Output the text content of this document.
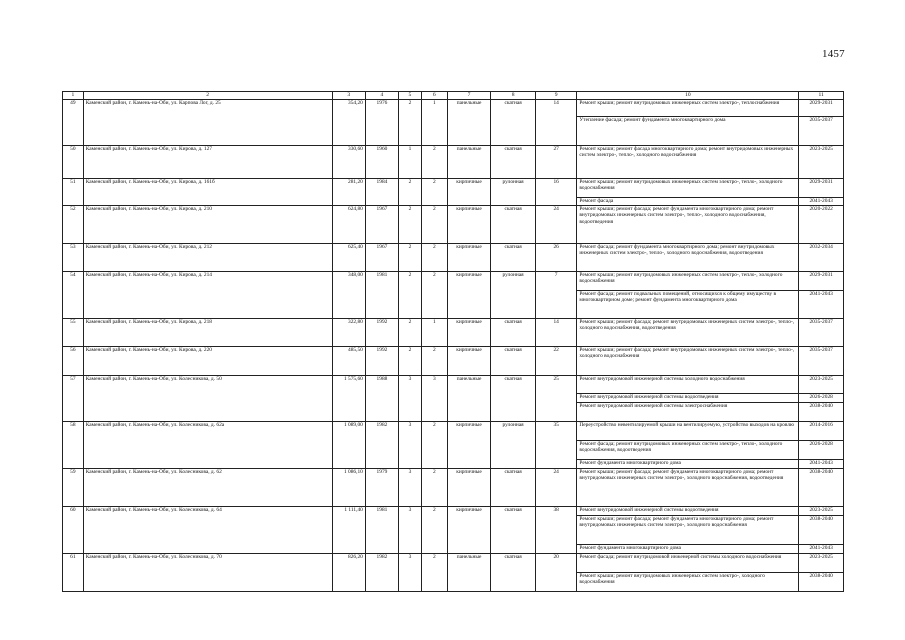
1457
1	2	3	4	5	6	7	8	9	10	11
49	Каменский район, г. Камень-на-Оби, ул. Карпова Лог, д. 25	354,20	1976	2	1	панельные	скатная	14	Ремонт крыши; ремонт внутридомовых инженерных систем электро-, теплоснабжения	2029-2031
									Утепление фасада; ремонт фундамента многоквартирного дома	2035-2037
50	Каменский район, г. Камень-на-Оби, ул. Кирова, д. 127	330,60	1960	1	2	панельные	скатная	27	Ремонт крыши; ремонт фасада многоквартирного дома; ремонт внутридомовых инженерных систем электро-, тепло-, холодного водоснабжения	2023-2025
51	Каменский район, г. Камень-на-Оби, ул. Кирова, д. 161б	281,20	1984	2	2	кирпичные	рулонная	16	Ремонт крыши; ремонт внутридомовых инженерных систем электро-, тепло-, холодного водоснабжения	2029-2031
									Ремонт фасада	2041-2043
52	Каменский район, г. Камень-на-Оби, ул. Кирова, д. 210	624,80	1967	2	2	кирпичные	скатная	24	Ремонт крыши; ремонт фасада; ремонт фундамента многоквартирного дома; ремонт внутридомовых инженерных систем электро-, тепло-, холодного водоснабжения, водоотведения	2020-2022
53	Каменский район, г. Камень-на-Оби, ул. Кирова, д. 212	625,40	1967	2	2	кирпичные	скатная	26	Ремонт фасада; ремонт фундамента многоквартирного дома; ремонт внутридомовых инженерных систем электро-, тепло-, холодного водоснабжения, водоотведения	2032-2034
54	Каменский район, г. Камень-на-Оби, ул. Кирова, д. 214	348,00	1981	2	2	кирпичные	рулонная	7	Ремонт крыши; ремонт внутридомовых инженерных систем электро-, тепло-, холодного водоснабжения	2029-2031
									Ремонт фасада; ремонт подвальных помещений, относящихся к общему имуществу в многоквартирном доме; ремонт фундамента многоквартирного дома	2041-2043
55	Каменский район, г. Камень-на-Оби, ул. Кирова, д. 218	322,80	1992	2	1	кирпичные	скатная	14	Ремонт крыши; ремонт фасада; ремонт внутридомовых инженерных систем электро-, тепло-, холодного водоснабжения, водоотведения	2035-2037
56	Каменский район, г. Камень-на-Оби, ул. Кирова, д. 220	485,50	1992	2	2	кирпичные	скатная	22	Ремонт крыши; ремонт фасада; ремонт внутридомовых инженерных систем электро-, тепло-, холодного водоснабжения	2035-2037
57	Каменский район, г. Камень-на-Оби, ул. Колесникова, д. 50	1 575,60	1988	3	3	панельные	скатная	25	Ремонт внутридомовой инженерной системы холодного водоснабжения	2023-2025
									Ремонт внутридомовой инженерной системы водоотведения	2026-2028
									Ремонт внутридомовой инженерной системы электроснабжения	2038-2040
58	Каменский район, г. Камень-на-Оби, ул. Колесникова, д. 62а	1 089,00	1982	3	2	кирпичные	рулонная	35	Переустройство невентилируемой крыши на вентилируемую, устройство выходов на кровлю	2014-2016
									Ремонт фасада; ремонт внутридомовых инженерных систем электро-, тепло-, холодного водоснабжения, водоотведения	2026-2028
									Ремонт фундамента многоквартирного дома	2041-2043
59	Каменский район, г. Камень-на-Оби, ул. Колесникова, д. 62	1 086,10	1979	3	2	кирпичные	скатная	24	Ремонт крыши; ремонт фасада; ремонт фундамента многоквартирного дома; ремонт внутридомовых инженерных систем электро-, холодного водоснабжения, водоотведения	2038-2040
60	Каменский район, г. Камень-на-Оби, ул. Колесникова, д. 64	1 111,40	1981	3	2	кирпичные	скатная	38	Ремонт внутридомовой инженерной системы водоотведения	2023-2025
									Ремонт крыши; ремонт фасада; ремонт фундамента многоквартирного дома; ремонт внутридомовых инженерных систем электро-, холодного водоснабжения	2038-2040
									Ремонт фундамента многоквартирного дома	2041-2043
61	Каменский район, г. Камень-на-Оби, ул. Колесникова, д. 70	826,20	1982	3	2	панельные	скатная	20	Ремонт фасада; ремонт внутридомовой инженерной системы холодного водоснабжения	2023-2025
									Ремонт крыши; ремонт внутридомовых инженерных систем электро-, холодного водоснабжения	2038-2040
